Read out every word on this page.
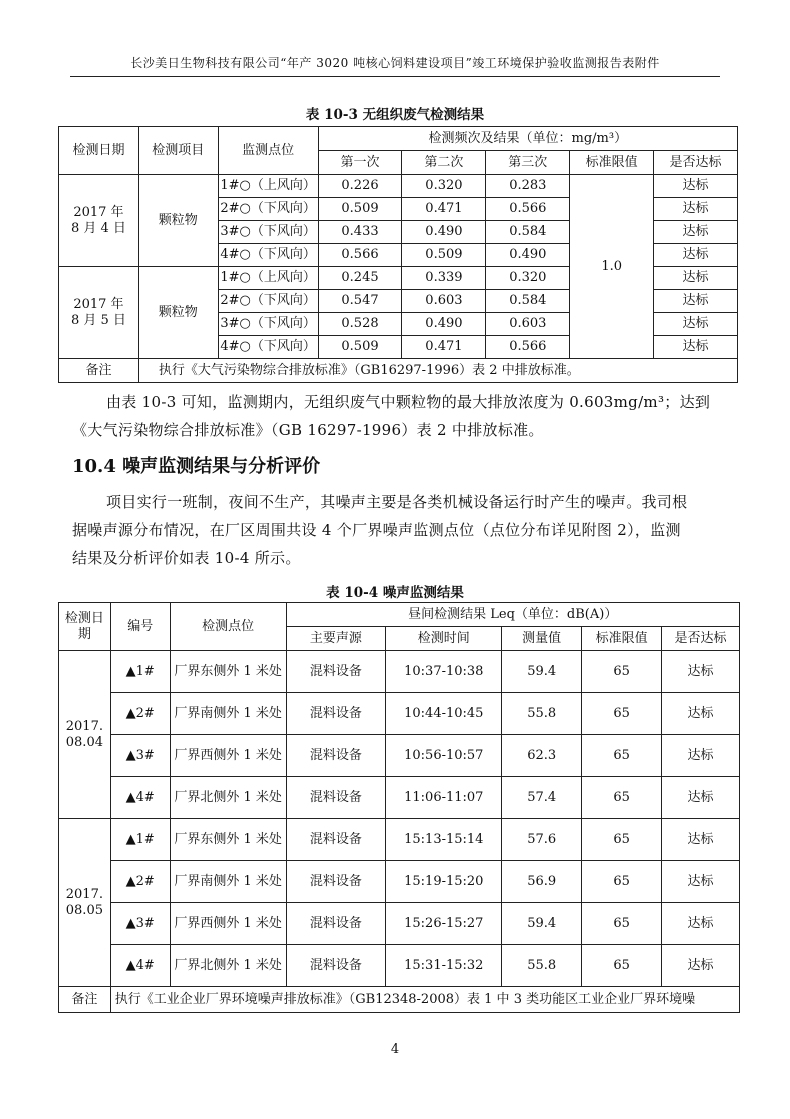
长沙美日生物科技有限公司“年产 3020 吨核心饲料建设项目”竣工环境保护验收监测报告表附件
表 10-3 无组织废气检测结果
检测日期	检测项目	监测点位	检测频次及结果（单位：mg/m³）				
			第一次	第二次	第三次	标准限值	是否达标
2017 年
8 月 4 日	颗粒物	1#○（上风向）	0.226	0.320	0.283	1.0	达标
		2#○（下风向）	0.509	0.471	0.566		达标
		3#○（下风向）	0.433	0.490	0.584		达标
		4#○（下风向）	0.566	0.509	0.490		达标
2017 年
8 月 5 日	颗粒物	1#○（上风向）	0.245	0.339	0.320		达标
		2#○（下风向）	0.547	0.603	0.584		达标
		3#○（下风向）	0.528	0.490	0.603		达标
		4#○（下风向）	0.509	0.471	0.566		达标
备注	执行《大气污染物综合排放标准》（GB16297-1996）表 2 中排放标准。						
由表 10-3 可知，监测期内，无组织废气中颗粒物的最大排放浓度为 0.603mg/m³；达到
《大气污染物综合排放标准》（GB 16297-1996）表 2 中排放标准。
10.4 噪声监测结果与分析评价
项目实行一班制，夜间不生产，其噪声主要是各类机械设备运行时产生的噪声。我司根
据噪声源分布情况，在厂区周围共设 4 个厂界噪声监测点位（点位分布详见附图 2），监测
结果及分析评价如表 10-4 所示。
表 10-4 噪声监测结果
检测日期	编号	检测点位	昼间检测结果 Leq（单位：dB(A)）				
			主要声源	检测时间	测量值	标准限值	是否达标
2017.
08.04	▲1#	厂界东侧外 1 米处	混料设备	10:37-10:38	59.4	65	达标
	▲2#	厂界南侧外 1 米处	混料设备	10:44-10:45	55.8	65	达标
	▲3#	厂界西侧外 1 米处	混料设备	10:56-10:57	62.3	65	达标
	▲4#	厂界北侧外 1 米处	混料设备	11:06-11:07	57.4	65	达标
2017.
08.05	▲1#	厂界东侧外 1 米处	混料设备	15:13-15:14	57.6	65	达标
	▲2#	厂界南侧外 1 米处	混料设备	15:19-15:20	56.9	65	达标
	▲3#	厂界西侧外 1 米处	混料设备	15:26-15:27	59.4	65	达标
	▲4#	厂界北侧外 1 米处	混料设备	15:31-15:32	55.8	65	达标
备注	执行《工业企业厂界环境噪声排放标准》（GB12348-2008）表 1 中 3 类功能区工业企业厂界环境噪						
4
